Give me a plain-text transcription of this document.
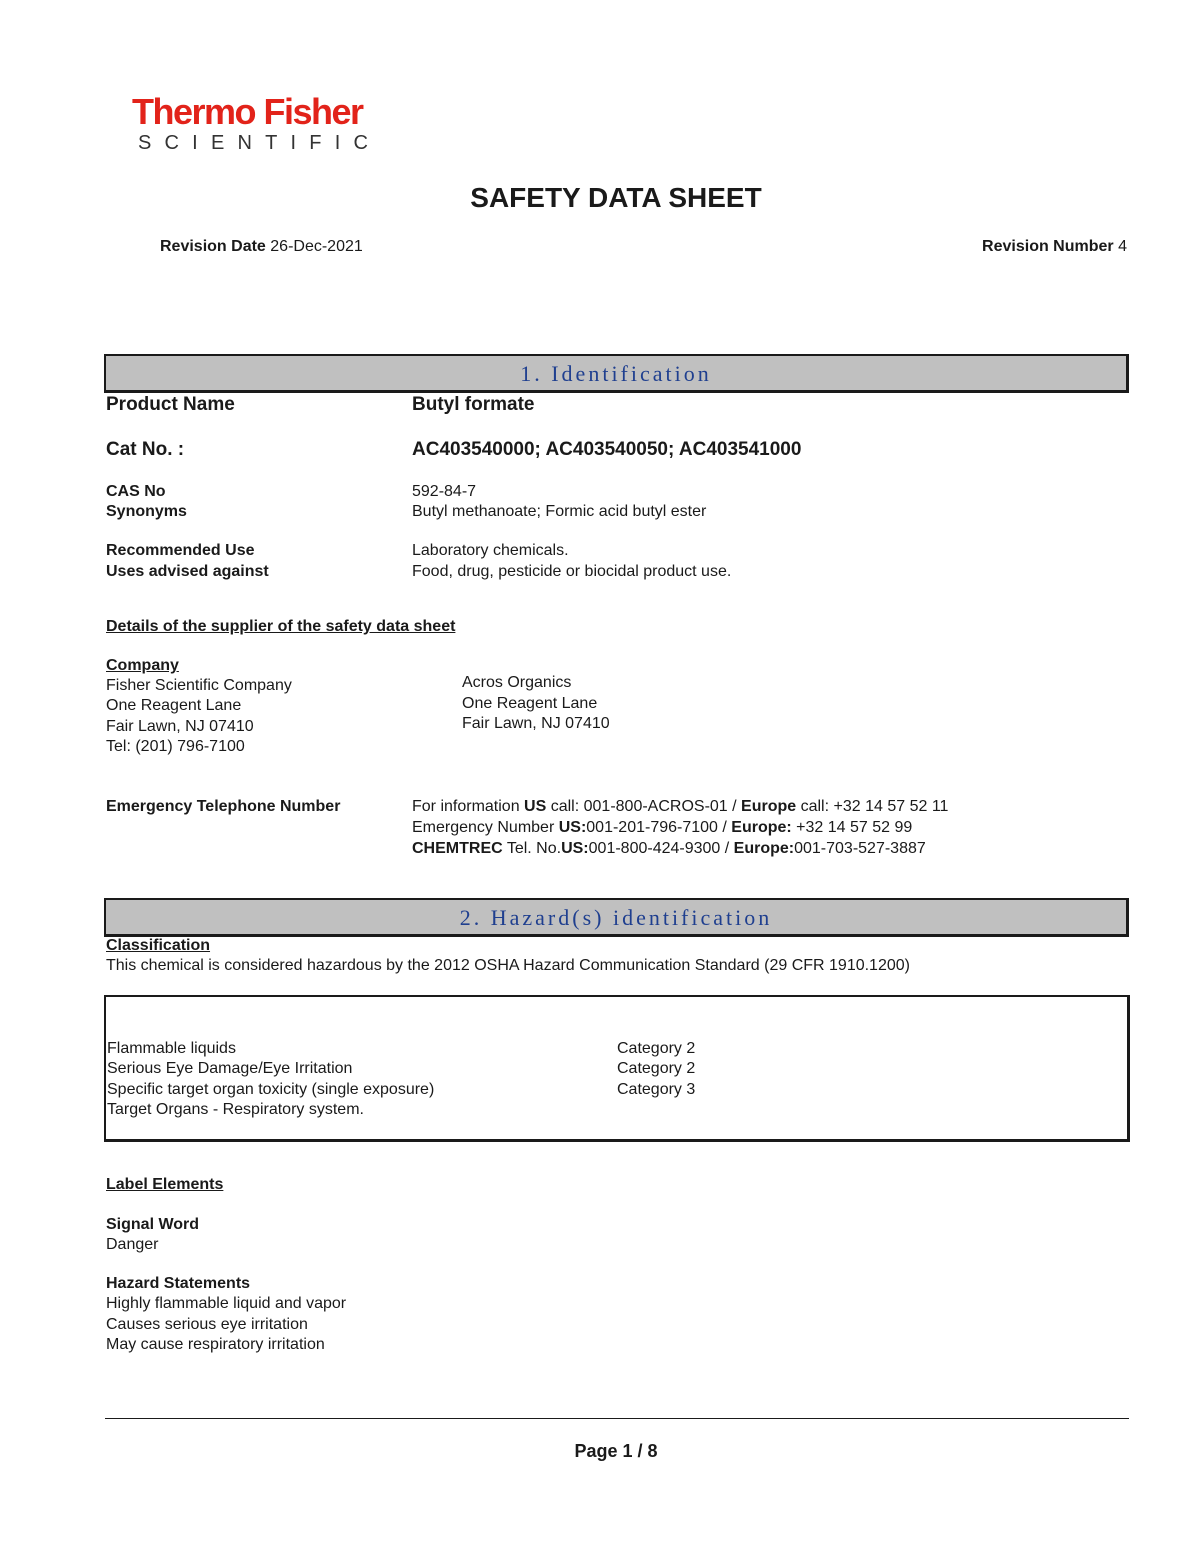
Thermo Fisher
SCIENTIFIC
SAFETY DATA SHEET
Revision Date 26-Dec-2021	Revision Number 4
1. Identification
Product Name	Butyl formate
Cat No. :	AC403540000; AC403540050; AC403541000
CAS No	592-84-7
Synonyms	Butyl methanoate; Formic acid butyl ester
Recommended Use	Laboratory chemicals.
Uses advised against	Food, drug, pesticide or biocidal product use.
Details of the supplier of the safety data sheet
Company
Fisher Scientific Company
One Reagent Lane
Fair Lawn, NJ 07410
Tel: (201) 796-7100
Acros Organics
One Reagent Lane
Fair Lawn, NJ 07410
Emergency Telephone Number	For information US call: 001-800-ACROS-01 / Europe call: +32 14 57 52 11
Emergency Number US:001-201-796-7100 / Europe: +32 14 57 52 99
CHEMTREC Tel. No.US:001-800-424-9300 / Europe:001-703-527-3887
2. Hazard(s) identification
Classification
This chemical is considered hazardous by the 2012 OSHA Hazard Communication Standard (29 CFR 1910.1200)
Flammable liquids	Category 2
Serious Eye Damage/Eye Irritation	Category 2
Specific target organ toxicity (single exposure)	Category 3
Target Organs - Respiratory system.
Label Elements
Signal Word
Danger
Hazard Statements
Highly flammable liquid and vapor
Causes serious eye irritation
May cause respiratory irritation
Page 1 / 8
